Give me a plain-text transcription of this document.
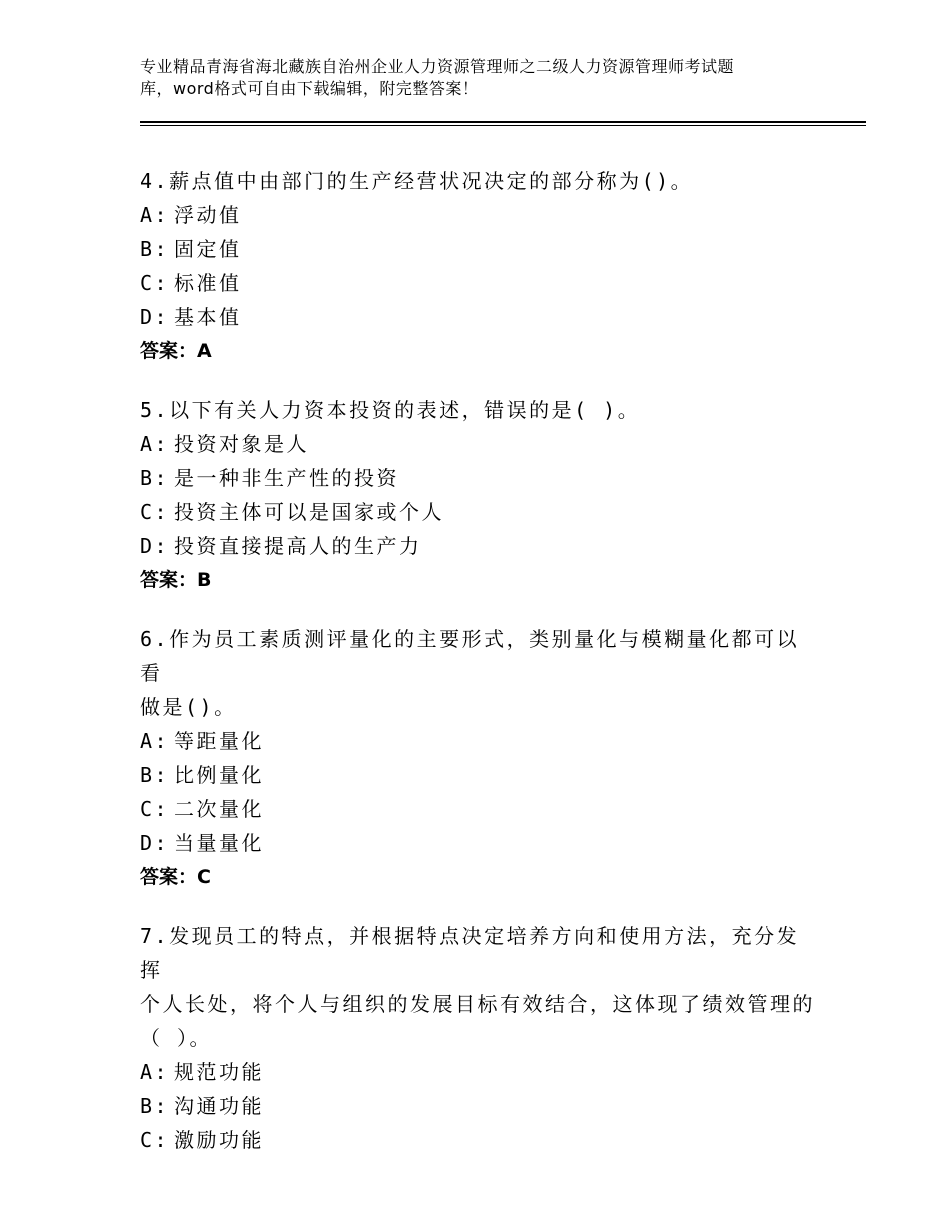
专业精品青海省海北藏族自治州企业人力资源管理师之二级人力资源管理师考试题
库，word格式可自由下载编辑，附完整答案！
4.薪点值中由部门的生产经营状况决定的部分称为()。
A: 浮动值
B: 固定值
C: 标准值
D: 基本值
答案：A
5.以下有关人力资本投资的表述，错误的是( )。
A: 投资对象是人
B: 是一种非生产性的投资
C: 投资主体可以是国家或个人
D: 投资直接提高人的生产力
答案：B
6.作为员工素质测评量化的主要形式，类别量化与模糊量化都可以看
做是()。
A: 等距量化
B: 比例量化
C: 二次量化
D: 当量量化
答案：C
7.发现员工的特点，并根据特点决定培养方向和使用方法，充分发挥
个人长处，将个人与组织的发展目标有效结合，这体现了绩效管理的
（ ）。
A: 规范功能
B: 沟通功能
C: 激励功能
